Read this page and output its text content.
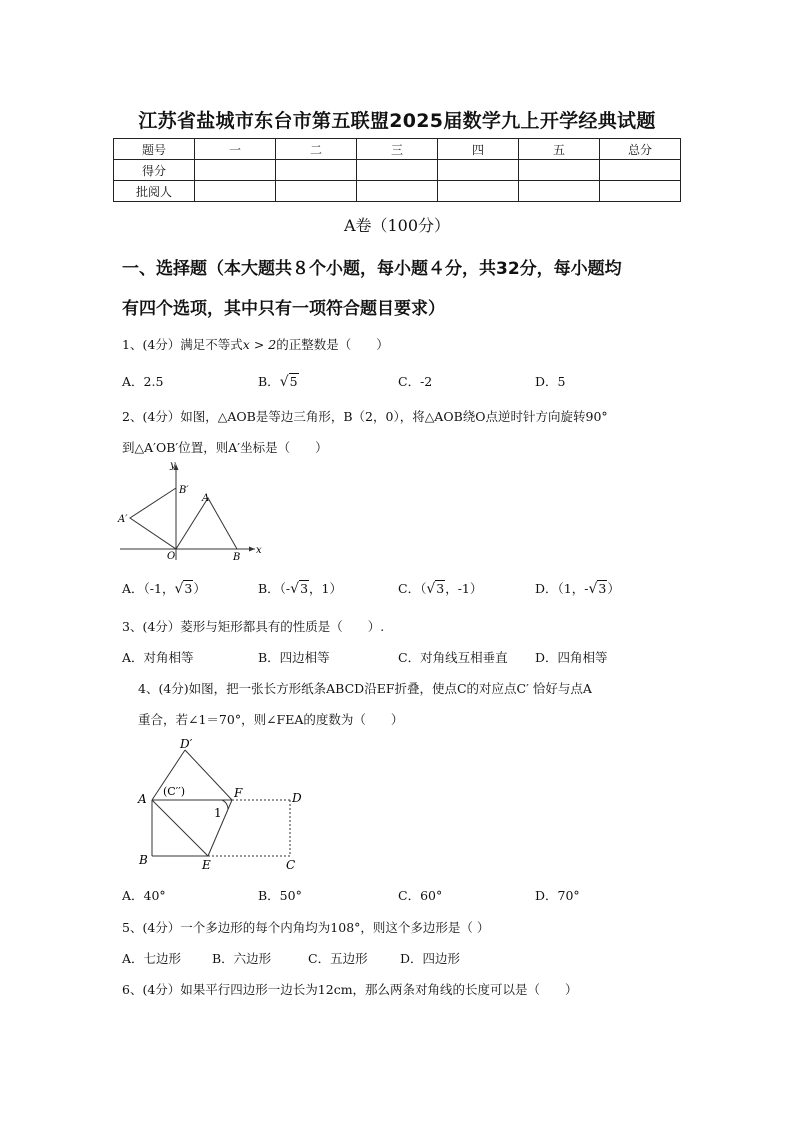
江苏省盐城市东台市第五联盟2025届数学九上开学经典试题
题号	一	二	三	四	五	总分
得分						
批阅人						
A卷（100分）
一、选择题（本大题共８个小题，每小题４分，共32分，每小题均
有四个选项，其中只有一项符合题目要求）
1、(4分）满足不等式x > 2的正整数是（　　）
A．2.5	B．√5	C．-2	D．5
2、(4分）如图，△AOB是等边三角形，B（2，0），将△AOB绕O点逆时针方向旋转90°
到△A′OB′位置，则A′坐标是（　　）
y
x
O
A
B
A′
B′
A．（-1，√3）	B．（-√3，1）	C．（√3，-1）	D．（1，-√3）
3、(4分）菱形与矩形都具有的性质是（　　）.
A．对角相等	B．四边相等	C．对角线互相垂直 D．四角相等
4、(4分)如图，把一张长方形纸条ABCD沿EF折叠，使点C的对应点C′ 恰好与点A
重合，若∠1＝70°，则∠FEA的度数为（　　）
D′
A
(C′′)	F	D
1
B	E	C
A．40°	B．50°	C．60°	D．70°
5、(4分）一个多边形的每个内角均为108°，则这个多边形是（ ）
A．七边形 B．六边形	C．五边形	D．四边形
6、(4分）如果平行四边形一边长为12cm，那么两条对角线的长度可以是（　　）
